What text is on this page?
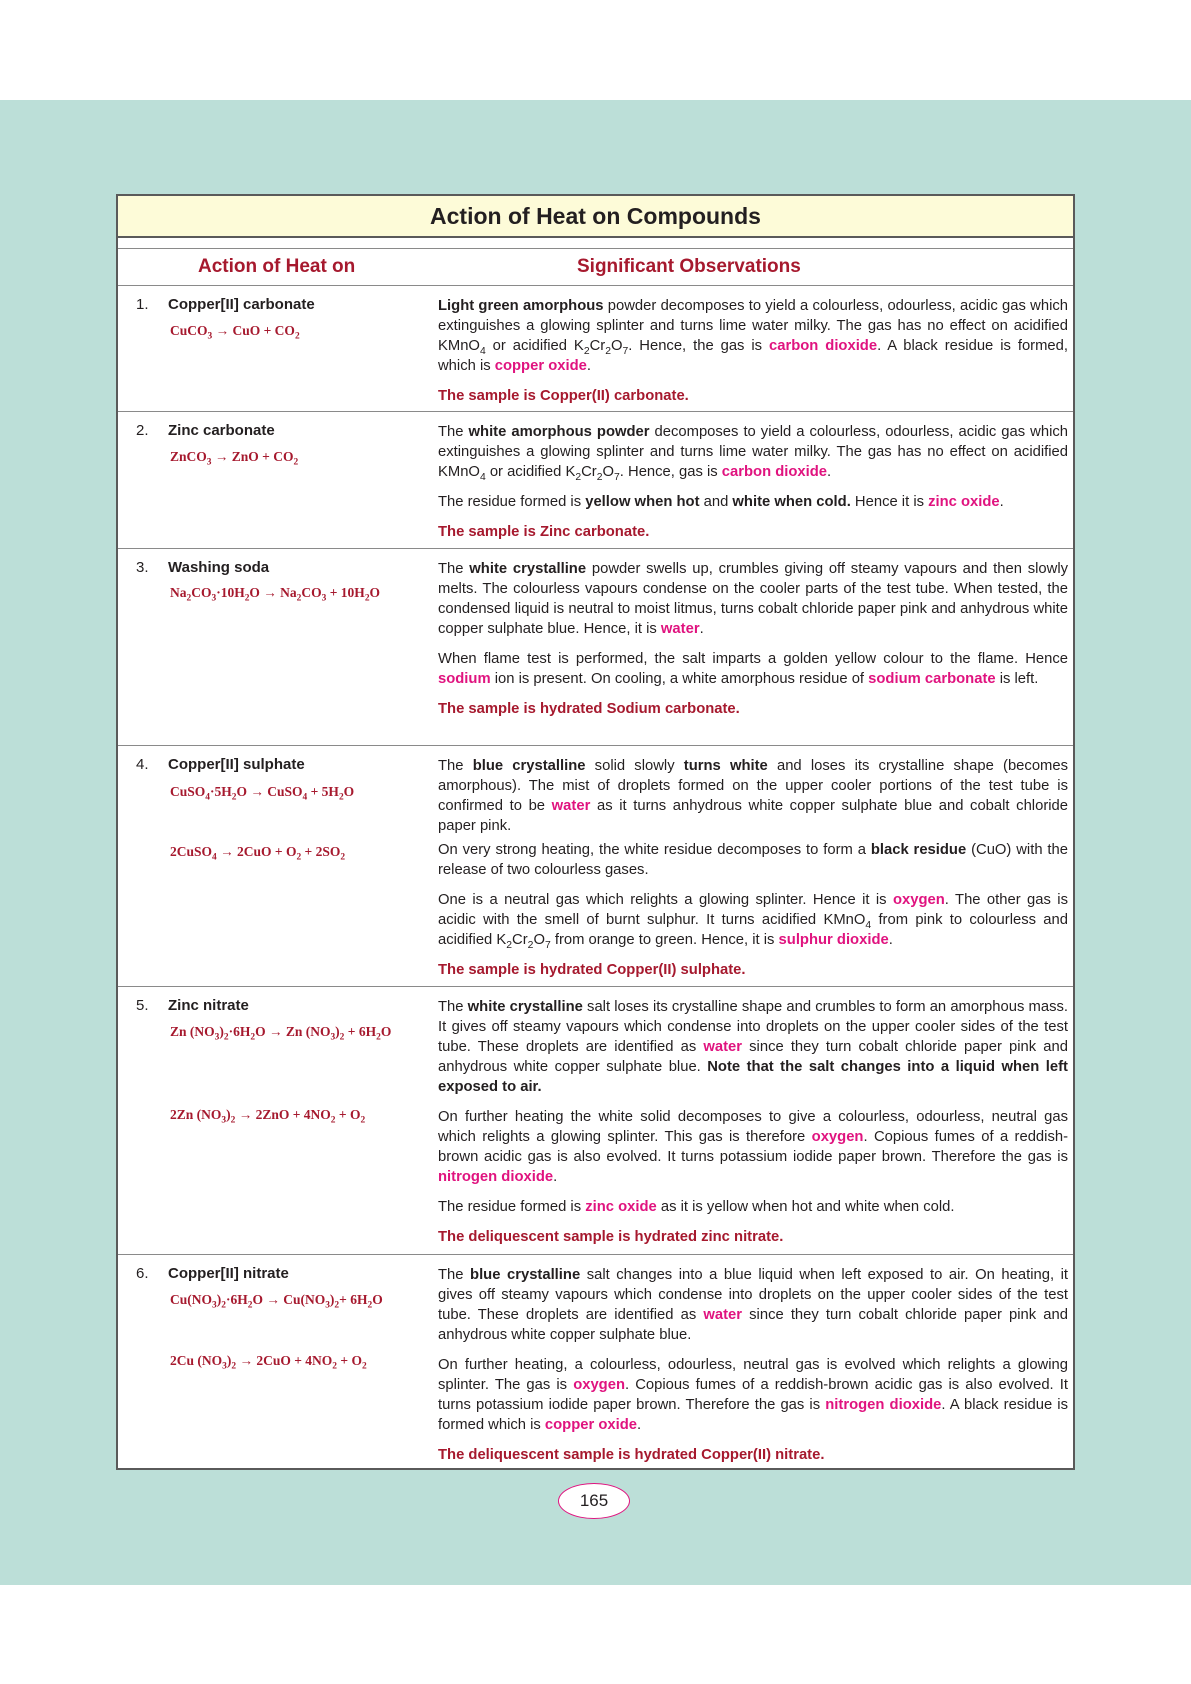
Action of Heat on Compounds
Action of Heat on	Significant Observations
1. Copper[II] carbonate
CuCO$_3$ → CuO + $CO_2$

Light green amorphous powder decomposes to yield a colourless, odourless, acidic gas which extinguishes a glowing splinter and turns lime water milky. The gas has no effect on acidified KMnO$_4$ or acidified $K_2Cr_2O_7$. Hence, the gas is carbon dioxide. A black residue is formed, which is copper oxide.

The sample is Copper(II) carbonate.
2. Zinc carbonate
ZnCO$_3$ → ZnO + $CO_2$

The white amorphous powder decomposes to yield a colourless, odourless, acidic gas which extinguishes a glowing splinter and turns lime water milky. The gas has no effect on acidified KMnO$_4$ or acidified $K_2Cr_2O_7$. Hence, gas is carbon dioxide.

The residue formed is yellow when hot and white when cold. Hence it is zinc oxide.

The sample is Zinc carbonate.
3. Washing soda
$Na_2CO_3\cdot 10H_2O \to Na_2CO_3 + 10H_2O$

The white crystalline powder swells up, crumbles giving off steamy vapours and then slowly melts. The colourless vapours condense on the cooler parts of the test tube. When tested, the condensed liquid is neutral to moist litmus, turns cobalt chloride paper pink and anhydrous white copper sulphate blue. Hence, it is water.

When flame test is performed, the salt imparts a golden yellow colour to the flame. Hence sodium ion is present. On cooling, a white amorphous residue of sodium carbonate is left.

The sample is hydrated Sodium carbonate.
4. Copper[II] sulphate
$CuSO_4\cdot 5H_2O$ → CuSO$_4$ + $5H_2O$
2CuSO$_4$ → $2CuO + O_2 + 2SO_2$

The blue crystalline solid slowly turns white and loses its crystalline shape (becomes amorphous). The mist of droplets formed on the upper cooler portions of the test tube is confirmed to be water as it turns anhydrous white copper sulphate blue and cobalt chloride paper pink.

On very strong heating, the white residue decomposes to form a black residue (CuO) with the release of two colourless gases.

One is a neutral gas which relights a glowing splinter. Hence it is oxygen. The other gas is acidic with the smell of burnt sulphur. It turns acidified KMnO$_4$ from pink to colourless and acidified $K_2Cr_2O_7$ from orange to green. Hence, it is sulphur dioxide.

The sample is hydrated Copper(II) sulphate.
5. Zinc nitrate
Zn $(NO_3)_2\cdot 6H_2O \to Zn$ $(NO_3)_2 + 6H_2O$
2Zn $(NO_3)_2 \to 2ZnO + 4NO_2 + O_2$

The white crystalline salt loses its crystalline shape and crumbles to form an amorphous mass. It gives off steamy vapours which condense into droplets on the upper cooler sides of the test tube. These droplets are identified as water since they turn cobalt chloride paper pink and anhydrous white copper sulphate blue. Note that the salt changes into a liquid when left exposed to air.

On further heating the white solid decomposes to give a colourless, odourless, neutral gas which relights a glowing splinter. This gas is therefore oxygen. Copious fumes of a reddish-brown acidic gas is also evolved. It turns potassium iodide paper brown. Therefore the gas is nitrogen dioxide.

The residue formed is zinc oxide as it is yellow when hot and white when cold.

The deliquescent sample is hydrated zinc nitrate.
6. Copper[II] nitrate
$Cu(NO_3)_2\cdot 6H_2O \to Cu(NO_3)_2+ 6H_2O$
2Cu $(NO_3)_2 \to 2CuO + 4NO_2 + O_2$

The blue crystalline salt changes into a blue liquid when left exposed to air. On heating, it gives off steamy vapours which condense into droplets on the upper cooler sides of the test tube. These droplets are identified as water since they turn cobalt chloride paper pink and anhydrous white copper sulphate blue.

On further heating, a colourless, odourless, neutral gas is evolved which relights a glowing splinter. The gas is oxygen. Copious fumes of a reddish-brown acidic gas is also evolved. It turns potassium iodide paper brown. Therefore the gas is nitrogen dioxide. A black residue is formed which is copper oxide.

The deliquescent sample is hydrated Copper(II) nitrate.
165
